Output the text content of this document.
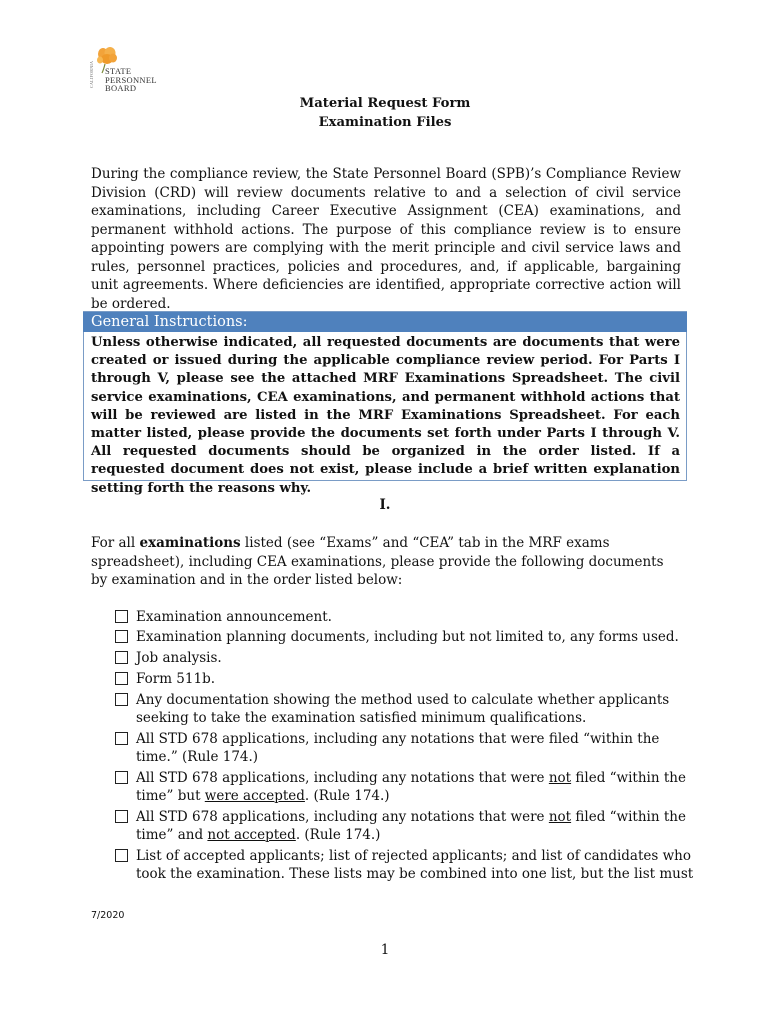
CALIFORNIA STATE
PERSONNEL
BOARD
Material Request Form
Examination Files

During the compliance review, the State Personnel Board (SPB)’s Compliance Review Division (CRD) will review documents relative to and a selection of civil service examinations, including Career Executive Assignment (CEA) examinations, and permanent withhold actions. The purpose of this compliance review is to ensure appointing powers are complying with the merit principle and civil service laws and rules, personnel practices, policies and procedures, and, if applicable, bargaining unit agreements. Where deficiencies are identified, appropriate corrective action will be ordered.

General Instructions:
Unless otherwise indicated, all requested documents are documents that were created or issued during the applicable compliance review period. For Parts I through V, please see the attached MRF Examinations Spreadsheet. The civil service examinations, CEA examinations, and permanent withhold actions that will be reviewed are listed in the MRF Examinations Spreadsheet. For each matter listed, please provide the documents set forth under Parts I through V. All requested documents should be organized in the order listed. If a requested document does not exist, please include a brief written explanation setting forth the reasons why.
I.

For all examinations listed (see “Exams” and “CEA” tab in the MRF exams spreadsheet), including CEA examinations, please provide the following documents by examination and in the order listed below:

Examination announcement.
Examination planning documents, including but not limited to, any forms used.
Job analysis.
Form 511b.
Any documentation showing the method used to calculate whether applicants seeking to take the examination satisfied minimum qualifications.
All STD 678 applications, including any notations that were filed “within the time.” (Rule 174.)
All STD 678 applications, including any notations that were not filed “within the time” but were accepted. (Rule 174.)
All STD 678 applications, including any notations that were not filed “within the time” and not accepted. (Rule 174.)
List of accepted applicants; list of rejected applicants; and list of candidates who took the examination. These lists may be combined into one list, but the list must
7/2020
1
